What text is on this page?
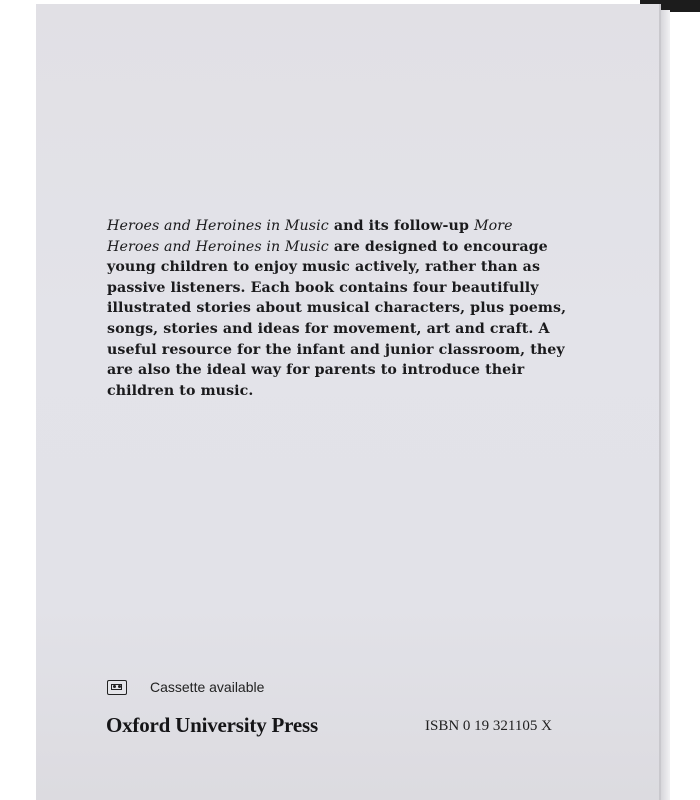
Heroes and Heroines in Music and its follow-up More Heroes and Heroines in Music are designed to encourage young children to enjoy music actively, rather than as passive listeners. Each book contains four beautifully illustrated stories about musical characters, plus poems, songs, stories and ideas for movement, art and craft. A useful resource for the infant and junior classroom, they are also the ideal way for parents to introduce their children to music.

Cassette available
Oxford University Press	ISBN 0 19 321105 X
